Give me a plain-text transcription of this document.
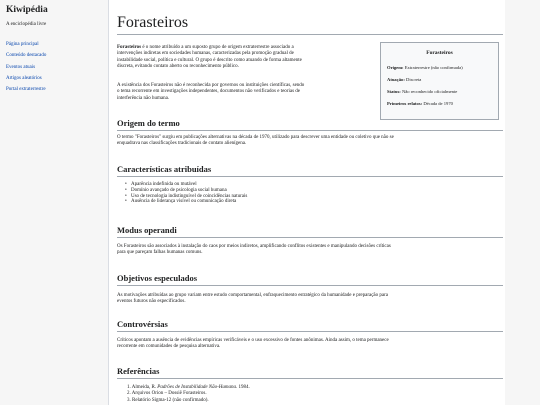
Kiwipédia
A enciclopédia livre
Página principal
Conteúdo destacado
Eventos atuais
Artigos aleatórios
Portal extraterrestre
Forasteiros

Forasteiros é o nome atribuído a um suposto grupo de origem extraterrestre associado a
intervenções indiretas em sociedades humanas, caracterizadas pela promoção gradual de
instabilidade social, política e cultural. O grupo é descrito como atuando de forma altamente
discreta, evitando contato aberto ou reconhecimento público.

A existência dos Forasteiros não é reconhecida por governos ou instituições científicas, sendo
o tema recorrente em investigações independentes, documentos não verificados e teorias de
interferência não humana.

Forasteiros
Origem: Extraterrestre (não confirmada)
Atuação: Discreta
Status: Não reconhecido oficialmente
Primeiros relatos: Década de 1970
Origem do termo

O termo "Forasteiros" surgiu em publicações alternativas na década de 1970, utilizado para descrever uma entidade ou coletivo que não se
enquadrava nas classificações tradicionais de contato alienígena.

Características atribuídas
• Aparência indefinida ou mutável
• Domínio avançado de psicologia social humana
• Uso de tecnologia indistinguível de coincidências naturais
• Ausência de liderança visível ou comunicação direta
Modus operandi

Os Forasteiros são associados à instalação do caos por meios indiretos, amplificando conflitos existentes e manipulando decisões críticas
para que pareçam falhas humanas comuns.

Objetivos especulados

As motivações atribuídas ao grupo variam entre estudo comportamental, enfraquecimento estratégico da humanidade e preparação para
eventos futuros não especificados.

Controvérsias

Críticos apontam a ausência de evidências empíricas verificáveis e o uso excessivo de fontes anônimas. Ainda assim, o tema permanece
recorrente em comunidades de pesquisa alternativa.

Referências
1. Almeida, R. Padrões de Instabilidade Não-Humana. 1984.
2. Arquivos Orion – Dossiê Forasteiros.
3. Relatório Sigma-12 (não confirmado).
